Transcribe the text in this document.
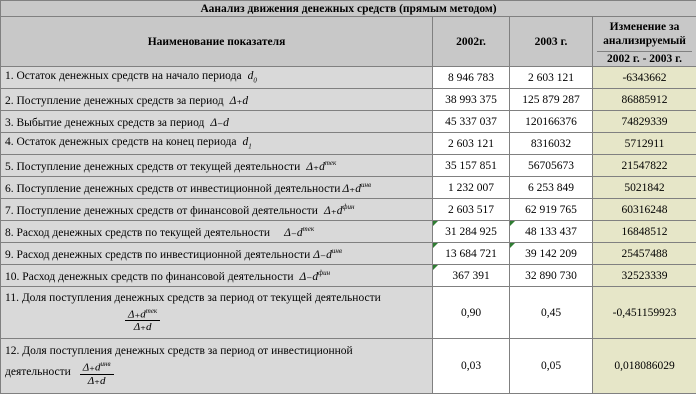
Аанализ движения денежных средств (прямым методом)			
Наименование показателя	2002г.	2003 г.	Изменение за анализируемый
2002 г. - 2003 г.

1. Остаток денежных средств на начало периода $d_0$	8 946 783	2 603 121	-6343662
2. Поступление денежных средств за период Δ₊d	38 993 375	125 879 287	86885912
3. Выбытие денежных средств за период Δ₋d	45 337 037	120166376	74829339
4. Остаток денежных средств на конец периода $d_1$	2 603 121	8316032	5712911
5. Поступление денежных средств от текущей деятельности $\Delta_+d^{тек}$	35 157 851	56705673	21547822
6. Поступление денежных средств от инвестиционной деятельности $\Delta_+d^{инв}$	1 232 007	6 253 849	5021842
7. Поступление денежных средств от финансовой деятельности $\Delta_+d^{фин}$	2 603 517	62 919 765	60316248
8. Расход денежных средств по текущей деятельности $\Delta_-d^{тек}$	31 284 925	48 133 437	16848512
9. Расход денежных средств по инвестиционной деятельности $\Delta_-d^{инв}$	13 684 721	39 142 209	25457488
10. Расход денежных средств по финансовой деятельности $\Delta_-d^{фин}$	367 391	32 890 730	32523339

11. Доля поступления денежных средств за период от текущей деятельности
$\frac{\Delta_+d^{тек}}{\Delta_+d}$	0,90	0,45	-0,451159923

12. Доля поступления денежных средств за период от инвестиционной
деятельности $\frac{\Delta_+d^{инв}}{\Delta_+d}$	0,03	0,05	0,018086029
